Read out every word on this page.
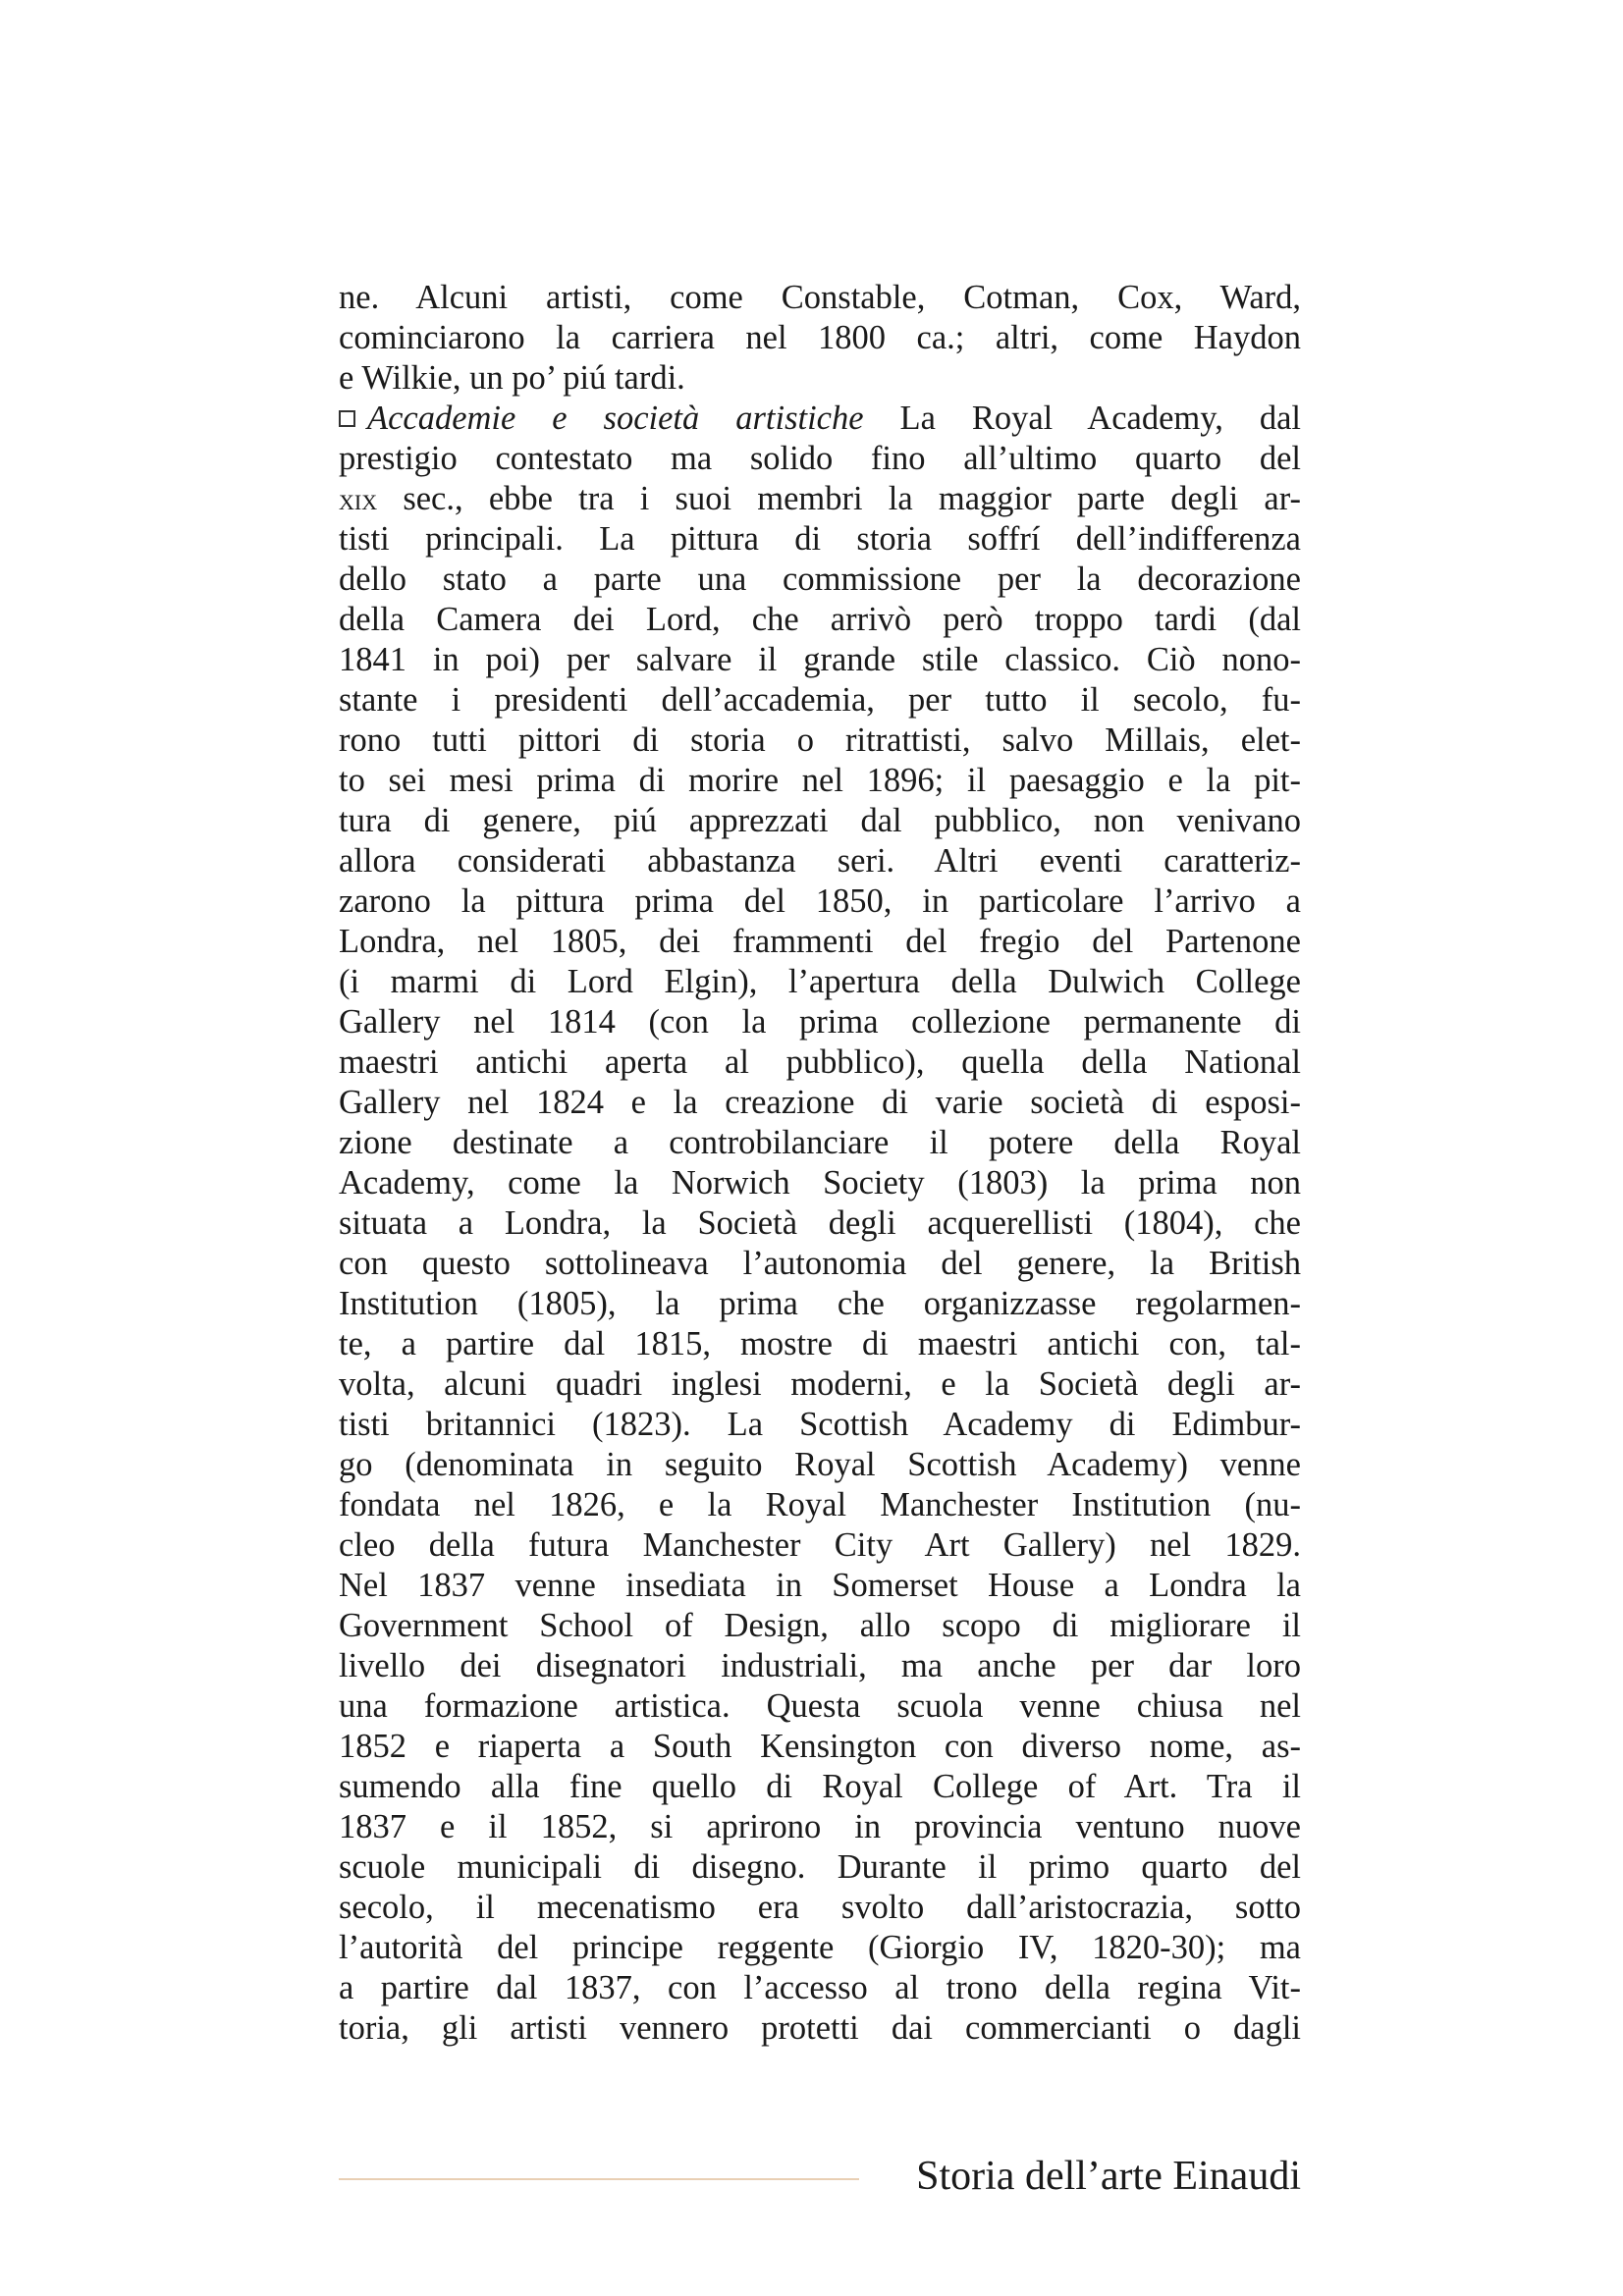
ne. Alcuni artisti, come Constable, Cotman, Cox, Ward,
cominciarono la carriera nel 1800 ca.; altri, come Haydon
e Wilkie, un po’ piú tardi.
Accademie e società artistiche La Royal Academy, dal
prestigio contestato ma solido fino all’ultimo quarto del
xix sec., ebbe tra i suoi membri la maggior parte degli ar-
tisti principali. La pittura di storia soffrí dell’indifferenza
dello stato a parte una commissione per la decorazione
della Camera dei Lord, che arrivò però troppo tardi (dal
1841 in poi) per salvare il grande stile classico. Ciò nono-
stante i presidenti dell’accademia, per tutto il secolo, fu-
rono tutti pittori di storia o ritrattisti, salvo Millais, elet-
to sei mesi prima di morire nel 1896; il paesaggio e la pit-
tura di genere, piú apprezzati dal pubblico, non venivano
allora considerati abbastanza seri. Altri eventi caratteriz-
zarono la pittura prima del 1850, in particolare l’arrivo a
Londra, nel 1805, dei frammenti del fregio del Partenone
(i marmi di Lord Elgin), l’apertura della Dulwich College
Gallery nel 1814 (con la prima collezione permanente di
maestri antichi aperta al pubblico), quella della National
Gallery nel 1824 e la creazione di varie società di esposi-
zione destinate a controbilanciare il potere della Royal
Academy, come la Norwich Society (1803) la prima non
situata a Londra, la Società degli acquerellisti (1804), che
con questo sottolineava l’autonomia del genere, la British
Institution (1805), la prima che organizzasse regolarmen-
te, a partire dal 1815, mostre di maestri antichi con, tal-
volta, alcuni quadri inglesi moderni, e la Società degli ar-
tisti britannici (1823). La Scottish Academy di Edimbur-
go (denominata in seguito Royal Scottish Academy) venne
fondata nel 1826, e la Royal Manchester Institution (nu-
cleo della futura Manchester City Art Gallery) nel 1829.
Nel 1837 venne insediata in Somerset House a Londra la
Government School of Design, allo scopo di migliorare il
livello dei disegnatori industriali, ma anche per dar loro
una formazione artistica. Questa scuola venne chiusa nel
1852 e riaperta a South Kensington con diverso nome, as-
sumendo alla fine quello di Royal College of Art. Tra il
1837 e il 1852, si aprirono in provincia ventuno nuove
scuole municipali di disegno. Durante il primo quarto del
secolo, il mecenatismo era svolto dall’aristocrazia, sotto
l’autorità del principe reggente (Giorgio IV, 1820-30); ma
a partire dal 1837, con l’accesso al trono della regina Vit-
toria, gli artisti vennero protetti dai commercianti o dagli
Storia dell’arte Einaudi
